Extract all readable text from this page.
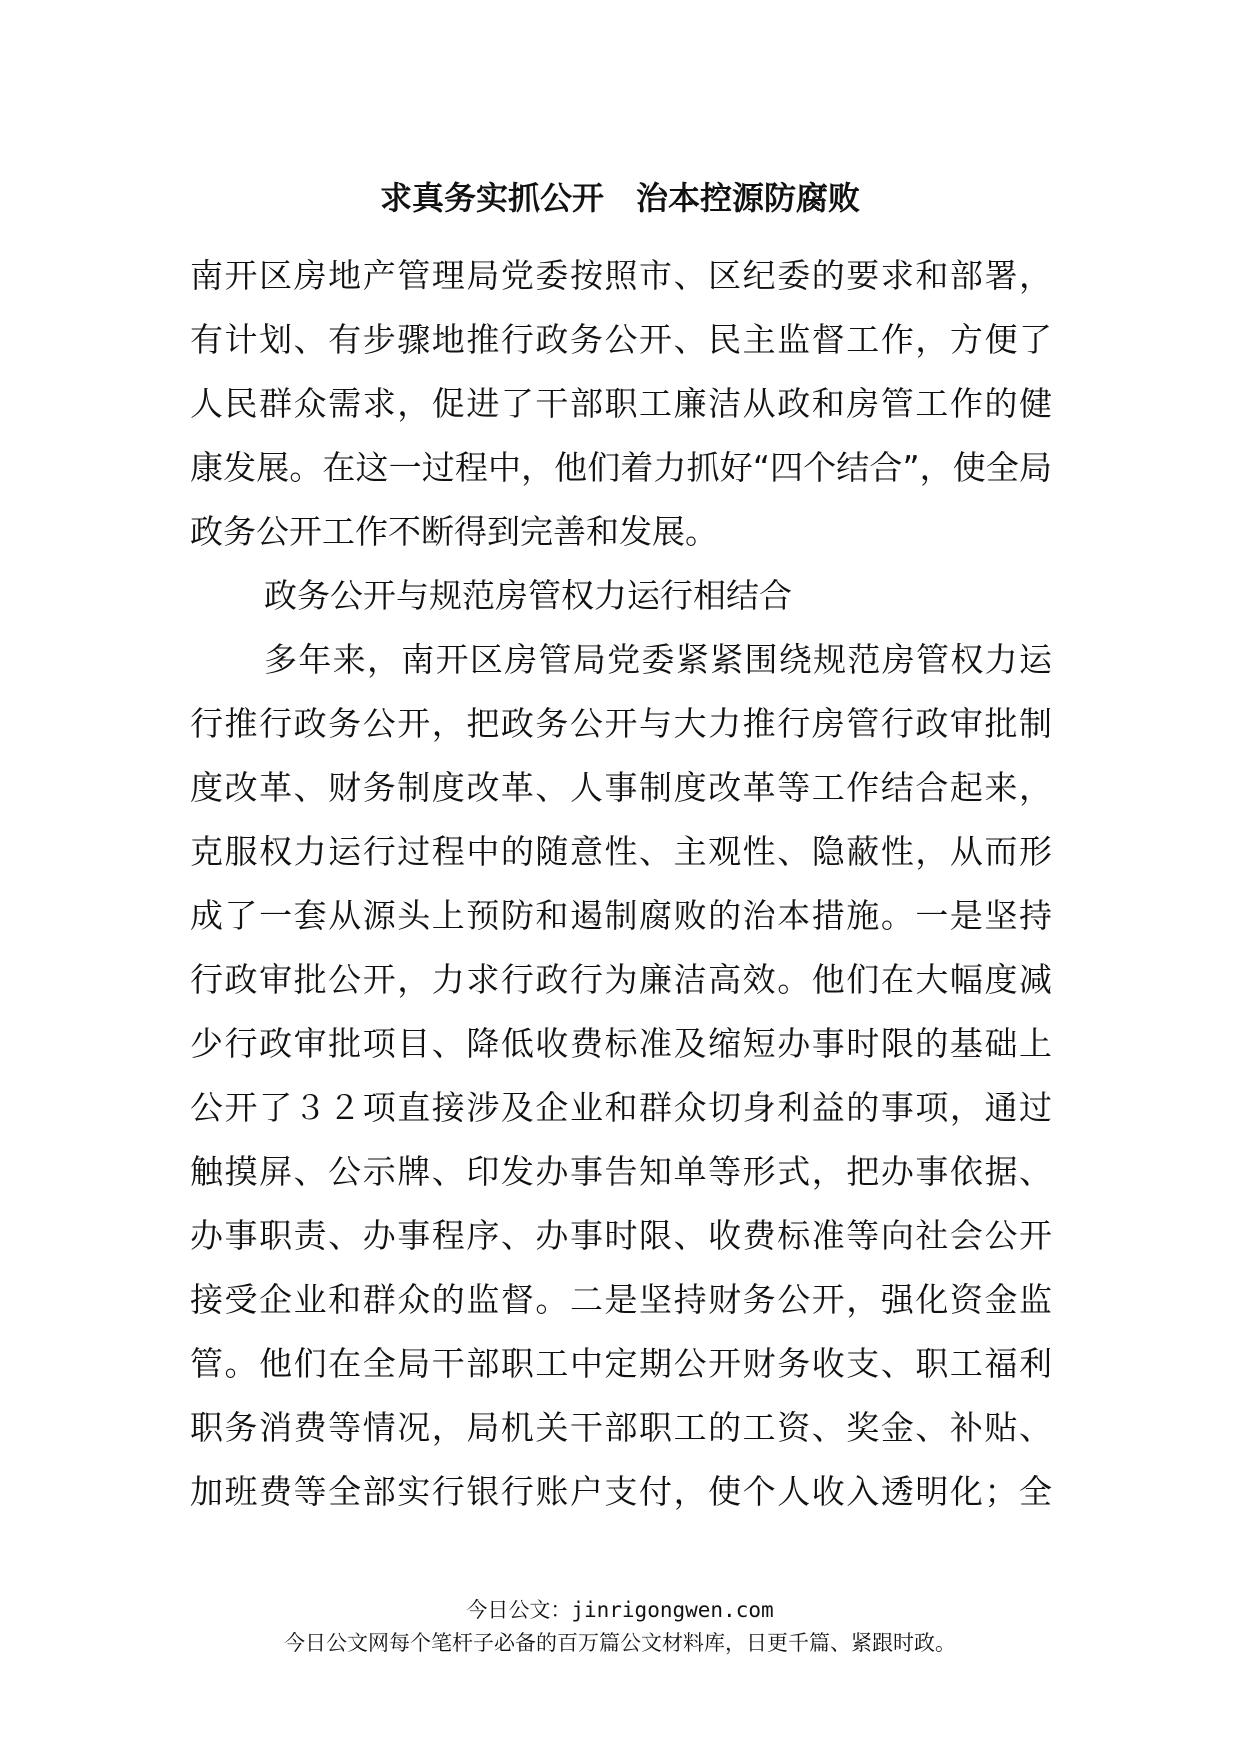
求真务实抓公开　治本控源防腐败
南开区房地产管理局党委按照市、区纪委的要求和部署，
有计划、有步骤地推行政务公开、民主监督工作，方便了
人民群众需求，促进了干部职工廉洁从政和房管工作的健
康发展。在这一过程中，他们着力抓好“四个结合”，使全局
政务公开工作不断得到完善和发展。
政务公开与规范房管权力运行相结合
多年来，南开区房管局党委紧紧围绕规范房管权力运
行推行政务公开，把政务公开与大力推行房管行政审批制
度改革、财务制度改革、人事制度改革等工作结合起来，
克服权力运行过程中的随意性、主观性、隐蔽性，从而形
成了一套从源头上预防和遏制腐败的治本措施。一是坚持
行政审批公开，力求行政行为廉洁高效。他们在大幅度减
少行政审批项目、降低收费标准及缩短办事时限的基础上
公开了３２项直接涉及企业和群众切身利益的事项，通过
触摸屏、公示牌、印发办事告知单等形式，把办事依据、
办事职责、办事程序、办事时限、收费标准等向社会公开
接受企业和群众的监督。二是坚持财务公开，强化资金监
管。他们在全局干部职工中定期公开财务收支、职工福利
职务消费等情况，局机关干部职工的工资、奖金、补贴、
加班费等全部实行银行账户支付，使个人收入透明化；全
今日公文：jinrigongwen.com
今日公文网每个笔杆子必备的百万篇公文材料库，日更千篇、紧跟时政。
